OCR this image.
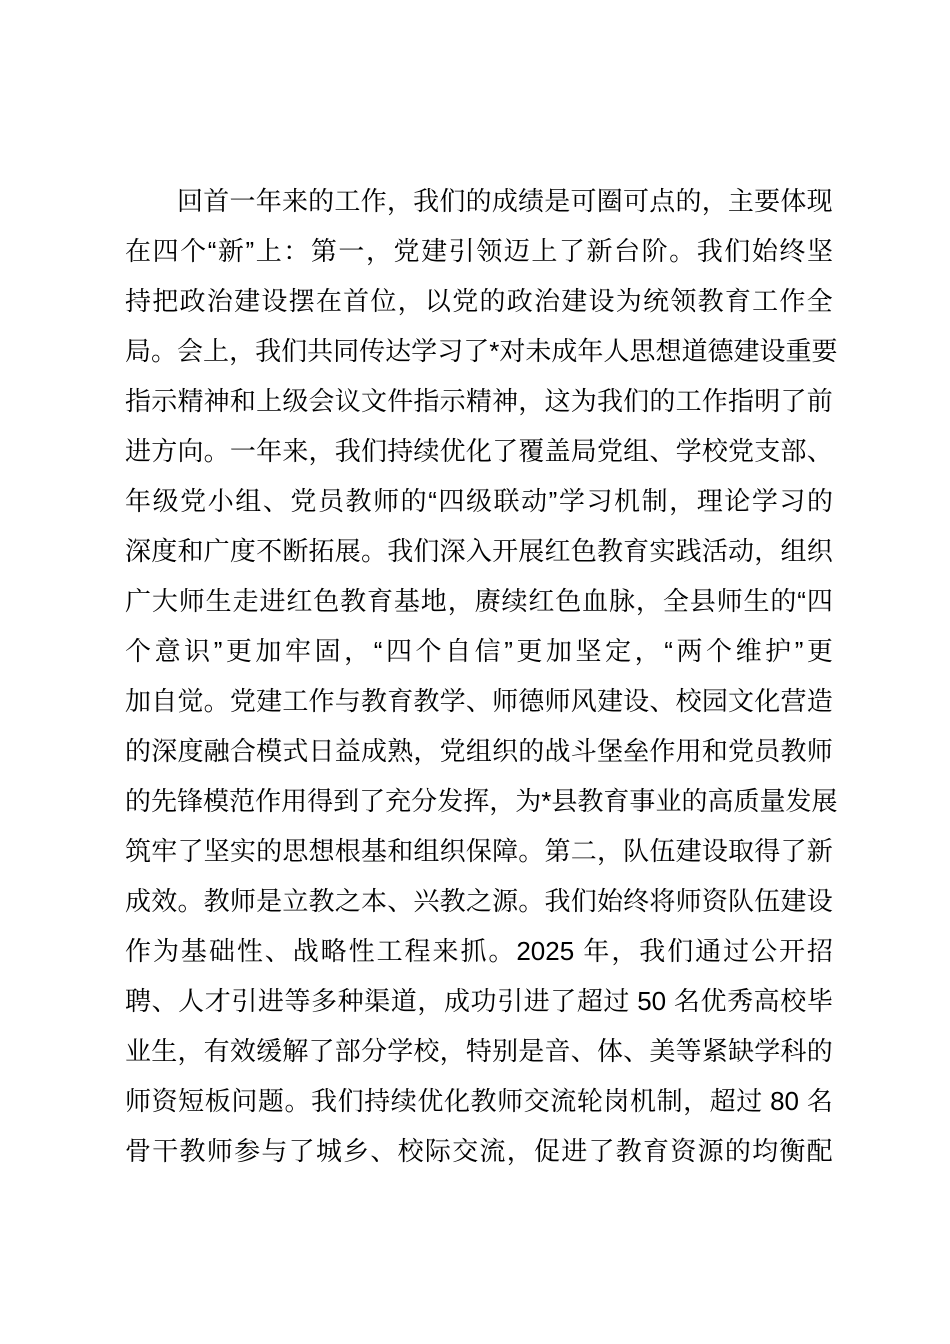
回 首 一 年 来 的 工 作 ， 我 们 的 成 绩 是 可 圈 可 点 的 ， 主 要 体 现
在 四 个 “ 新 ” 上 ： 第 一 ， 党 建 引 领 迈 上 了 新 台 阶 。 我 们 始 终 坚
持 把 政 治 建 设 摆 在 首 位 ， 以 党 的 政 治 建 设 为 统 领 教 育 工 作 全
局 。 会 上 ， 我 们 共 同 传 达 学 习 了 * 对 未 成 年 人 思 想 道 德 建 设 重 要
指 示 精 神 和 上 级 会 议 文 件 指 示 精 神 ， 这 为 我 们 的 工 作 指 明 了 前
进 方 向 。 一 年 来 ， 我 们 持 续 优 化 了 覆 盖 局 党 组 、 学 校 党 支 部 、
年 级 党 小 组 、 党 员 教 师 的 “ 四 级 联 动 ” 学 习 机 制 ， 理 论 学 习 的
深 度 和 广 度 不 断 拓 展 。 我 们 深 入 开 展 红 色 教 育 实 践 活 动 ， 组 织
广 大 师 生 走 进 红 色 教 育 基 地 ， 赓 续 红 色 血 脉 ， 全 县 师 生 的 “ 四
个 意 识 ” 更 加 牢 固 ， “ 四 个 自 信 ” 更 加 坚 定 ， “ 两 个 维 护 ” 更
加 自 觉 。 党 建 工 作 与 教 育 教 学 、 师 德 师 风 建 设 、 校 园 文 化 营 造
的 深 度 融 合 模 式 日 益 成 熟 ， 党 组 织 的 战 斗 堡 垒 作 用 和 党 员 教 师
的 先 锋 模 范 作 用 得 到 了 充 分 发 挥 ， 为 * 县 教 育 事 业 的 高 质 量 发 展
筑 牢 了 坚 实 的 思 想 根 基 和 组 织 保 障 。 第 二 ， 队 伍 建 设 取 得 了 新
成 效 。 教 师 是 立 教 之 本 、 兴 教 之 源 。 我 们 始 终 将 师 资 队 伍 建 设
作 为 基 础 性 、 战 略 性 工 程 来 抓 。 2025 年 ， 我 们 通 过 公 开 招
聘 、 人 才 引 进 等 多 种 渠 道 ， 成 功 引 进 了 超 过 50 名 优 秀 高 校 毕
业 生 ， 有 效 缓 解 了 部 分 学 校 ， 特 别 是 音 、 体 、 美 等 紧 缺 学 科 的
师 资 短 板 问 题 。 我 们 持 续 优 化 教 师 交 流 轮 岗 机 制 ， 超 过 80 名
骨 干 教 师 参 与 了 城 乡 、 校 际 交 流 ， 促 进 了 教 育 资 源 的 均 衡 配
